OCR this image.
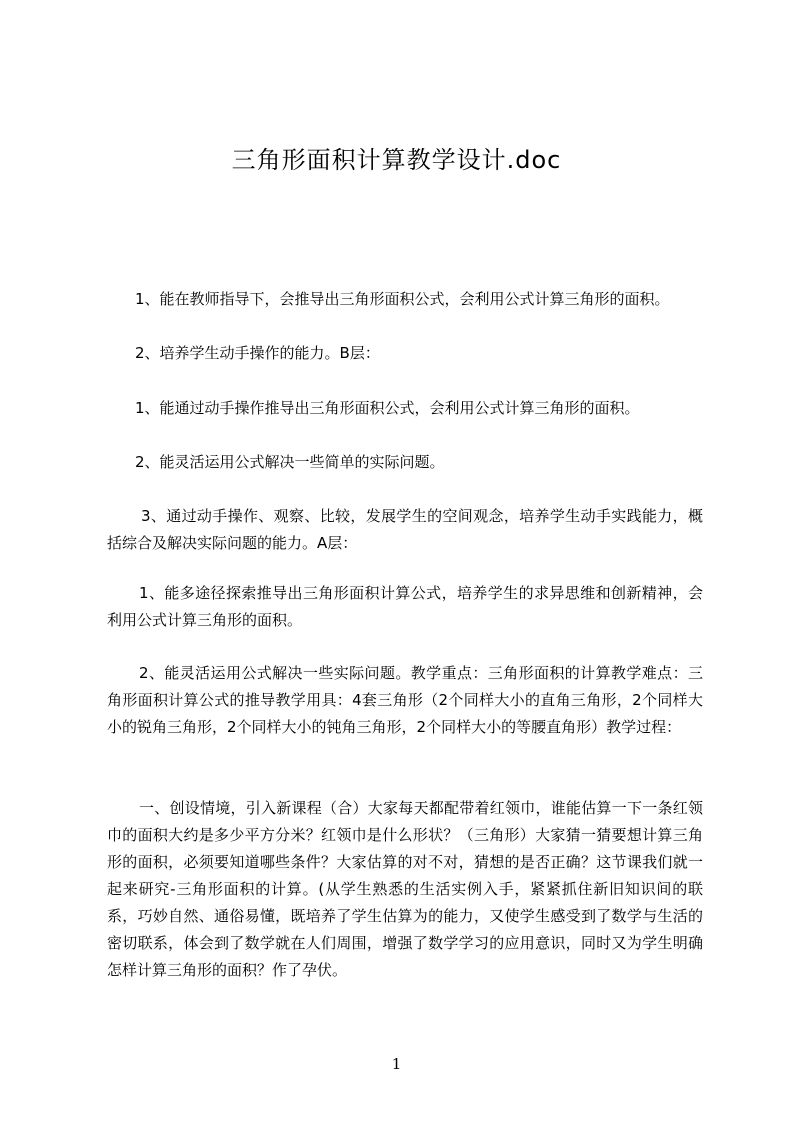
三角形面积计算教学设计.doc
1、能在教师指导下，会推导出三角形面积公式，会利用公式计算三角形的面积。
2、培养学生动手操作的能力。B层：
1、能通过动手操作推导出三角形面积公式，会利用公式计算三角形的面积。
2、能灵活运用公式解决一些简单的实际问题。
3、通过动手操作、观察、比较，发展学生的空间观念，培养学生动手实践能力，概括综合及解决实际问题的能力。A层：
1、能多途径探索推导出三角形面积计算公式，培养学生的求异思维和创新精神，会利用公式计算三角形的面积。
2、能灵活运用公式解决一些实际问题。教学重点：三角形面积的计算教学难点：三角形面积计算公式的推导教学用具：4套三角形（2个同样大小的直角三角形，2个同样大小的锐角三角形，2个同样大小的钝角三角形，2个同样大小的等腰直角形）教学过程：
一、创设情境，引入新课程（合）大家每天都配带着红领巾，谁能估算一下一条红领巾的面积大约是多少平方分米？红领巾是什么形状？（三角形）大家猜一猜要想计算三角形的面积，必须要知道哪些条件？大家估算的对不对，猜想的是否正确？这节课我们就一起来研究-三角形面积的计算。(从学生熟悉的生活实例入手，紧紧抓住新旧知识间的联系，巧妙自然、通俗易懂，既培养了学生估算为的能力，又使学生感受到了数学与生活的密切联系，体会到了数学就在人们周围，增强了数学学习的应用意识，同时又为学生明确怎样计算三角形的面积？作了孕伏。
1
